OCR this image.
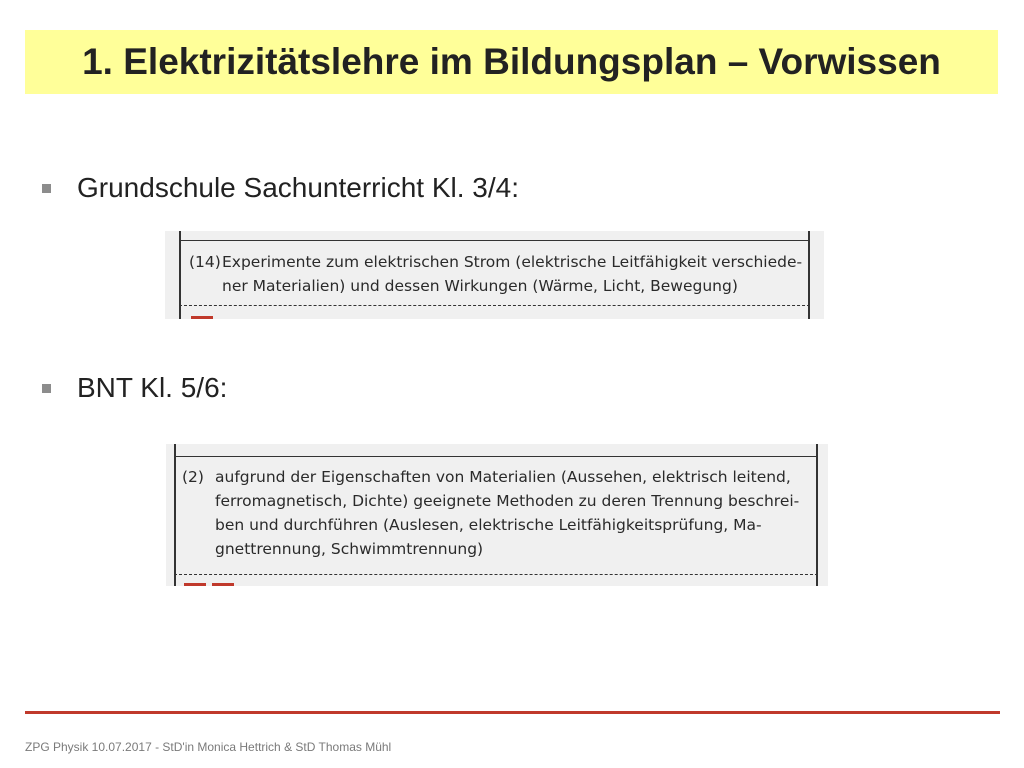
1. Elektrizitätslehre im Bildungsplan – Vorwissen
Grundschule Sachunterricht Kl. 3/4:
(14) Experimente zum elektrischen Strom (elektrische Leitfähigkeit verschiede-
ner Materialien) und dessen Wirkungen (Wärme, Licht, Bewegung)
BNT Kl. 5/6:
(2) aufgrund der Eigenschaften von Materialien (Aussehen, elektrisch leitend,
ferromagnetisch, Dichte) geeignete Methoden zu deren Trennung beschrei-
ben und durchführen (Auslesen, elektrische Leitfähigkeitsprüfung, Ma-
gnettrennung, Schwimmtrennung)
ZPG Physik 10.07.2017 - StD'in Monica Hettrich & StD Thomas Mühl
